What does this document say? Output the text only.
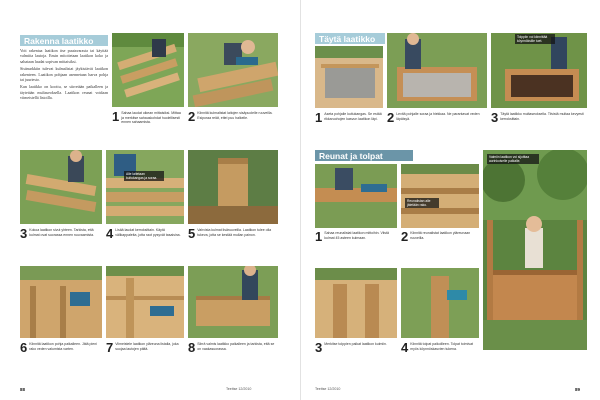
Rakenna laatikko

Voit rakentaa laatikon itse puutavarasta tai käyttää valmiita lautoja. Ensin mitoitetaan laatikon koko ja sahataan laudat sopivan mittaisiksi.

Sisänurkkiin tulevat kulmalistat jäykistävät laatikon rakenteen. Laatikon pohjaan asennetaan harva pohja tai juuriesto.

Kun laatikko on koottu, se siirretään paikalleen ja täytetään multaseoksella. Laatikon reunat voidaan viimeistellä listoilla.

1 Sahaa laudat oikean mittaisiksi. Mittaa ja merkitse sahauskohdat huolellisesti ennen sahaamista.	2 Kiinnitä kulmalistat laitojen sisäpuolelle ruuveilla. Esiporaa reiät, ettei puu halkeile.
Alle laitetaan kuitukangas ja soraa.
3 Kokoa laatikon sivut yhteen. Tarkista, että kulmat ovat suorassa ennen ruuvaamista. 4 Lisää laudat kerroksittain. Käytä välikappaleita, jotta raot pysyvät tasaisina. 5 Vahvista kulmat lisäruuveilla. Laatikon tulee olla tukeva, jotta se kestää mullan painon.
6 Kiinnitä laatikon pohja paikalleen. Jätä pieni rako veden valumista varten.	7 Viimeistele laatikon yläreuna listalla, joka suojaa lautojen päitä.	8 Siirrä valmis laatikko paikalleen ja tarkista, että se on vaakasuorassa.
88	Teeitse 12/2010
Täytä laatikko	Tolppiin voi kiinnittää köynnöksille tuet.
1 Aseta pohjalle kuitukangas. Se estää rikkaruohojen kasvun laatikon läpi. 2 Levitä pohjalle soraa ja hiekkaa. Ne parantavat veden läpäisyä.	3 Täytä laatikko multaseoksella. Tiivistä multaa kevyesti kerroksittain.
Reunat ja tolpat
Reunalistan alle jätetään rako.
1 Sahaa reunalistat laatikon mittoihin. Viistä kulmat 45 asteen kulmaan.	2 Kiinnitä reunalistat laatikon yläreunaan ruuveilla.
3 Merkitse tolppien paikat laatikon kulmiin.	4 Kiinnitä tolpat paikoilleen. Tolpat toimivat myös köynnöskasvien tukena.
Valmiin laatikon voi sijoittaa aurinkoiselle paikalle.
Teeitse 12/2010	89
